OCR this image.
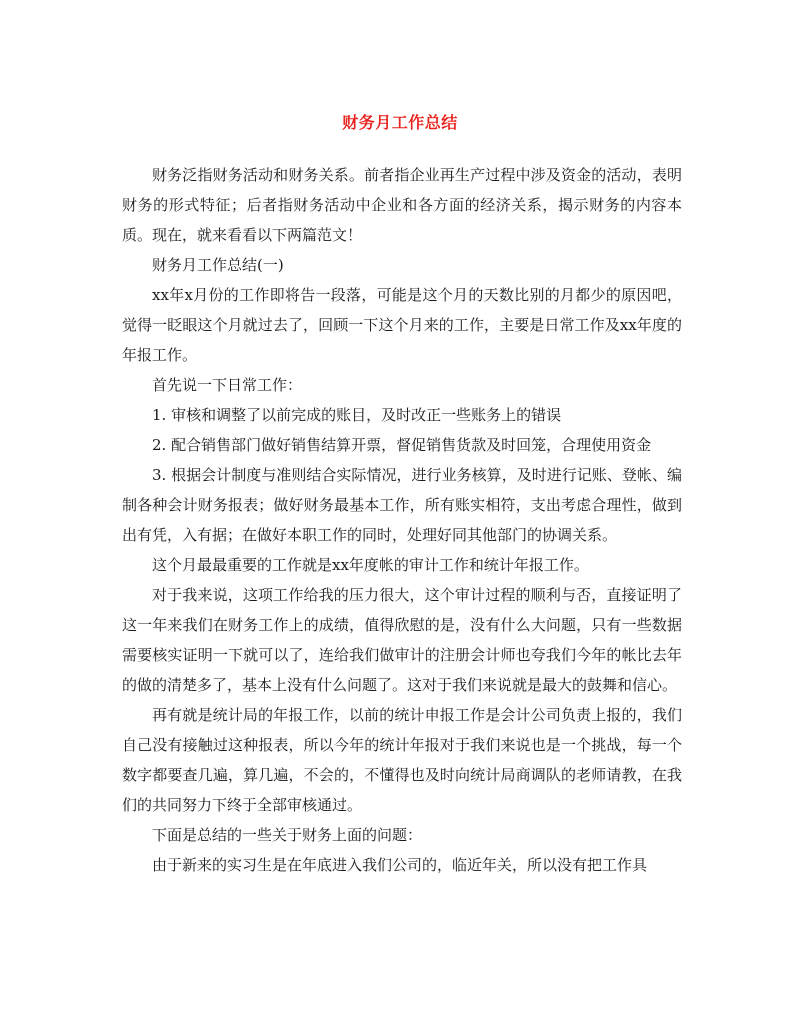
财务月工作总结

财务泛指财务活动和财务关系。前者指企业再生产过程中涉及资金的活动，表明财务的形式特征；后者指财务活动中企业和各方面的经济关系，揭示财务的内容本质。现在，就来看看以下两篇范文！

财务月工作总结(一)

xx年x月份的工作即将告一段落，可能是这个月的天数比别的月都少的原因吧，觉得一眨眼这个月就过去了，回顾一下这个月来的工作，主要是日常工作及xx年度的年报工作。

首先说一下日常工作：

1. 审核和调整了以前完成的账目，及时改正一些账务上的错误

2. 配合销售部门做好销售结算开票，督促销售货款及时回笼，合理使用资金

3. 根据会计制度与准则结合实际情况，进行业务核算，及时进行记账、登帐、编制各种会计财务报表；做好财务最基本工作，所有账实相符，支出考虑合理性，做到出有凭，入有据；在做好本职工作的同时，处理好同其他部门的协调关系。

这个月最最重要的工作就是xx年度帐的审计工作和统计年报工作。

对于我来说，这项工作给我的压力很大，这个审计过程的顺利与否，直接证明了这一年来我们在财务工作上的成绩，值得欣慰的是，没有什么大问题，只有一些数据需要核实证明一下就可以了，连给我们做审计的注册会计师也夸我们今年的帐比去年的做的清楚多了，基本上没有什么问题了。这对于我们来说就是最大的鼓舞和信心。

再有就是统计局的年报工作，以前的统计申报工作是会计公司负责上报的，我们自己没有接触过这种报表，所以今年的统计年报对于我们来说也是一个挑战，每一个数字都要查几遍，算几遍，不会的，不懂得也及时向统计局商调队的老师请教，在我们的共同努力下终于全部审核通过。

下面是总结的一些关于财务上面的问题：

由于新来的实习生是在年底进入我们公司的，临近年关，所以没有把工作具
